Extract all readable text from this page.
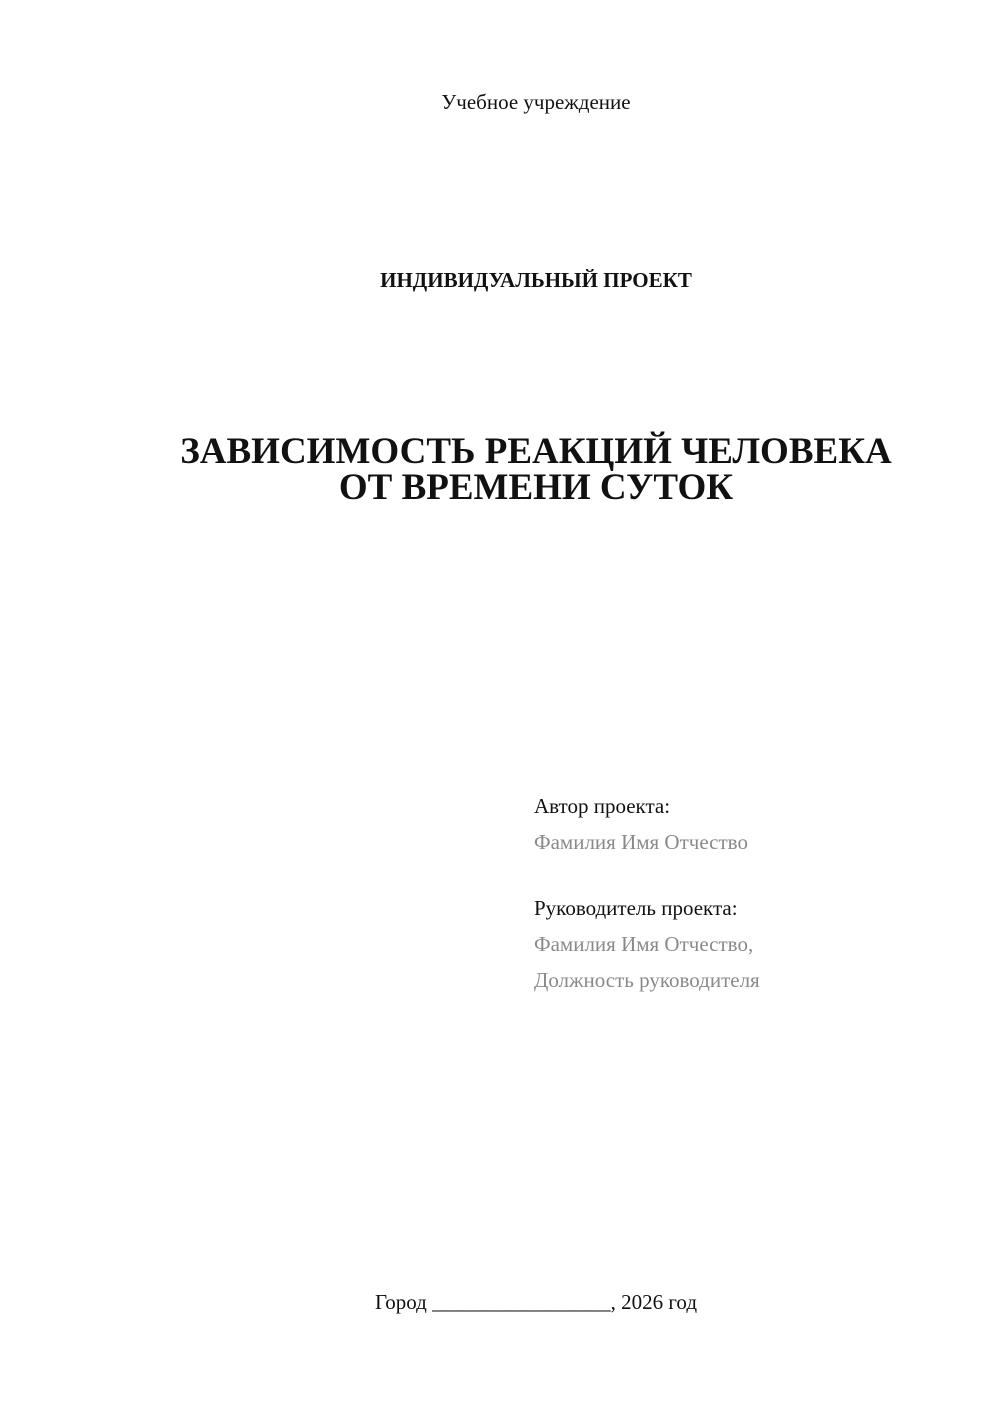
Учебное учреждение
ИНДИВИДУАЛЬНЫЙ ПРОЕКТ
ЗАВИСИМОСТЬ РЕАКЦИЙ ЧЕЛОВЕКА
ОТ ВРЕМЕНИ СУТОК
Автор проекта:
Фамилия Имя Отчество
Руководитель проекта:
Фамилия Имя Отчество,
Должность руководителя
Город _________________, 2026 год
